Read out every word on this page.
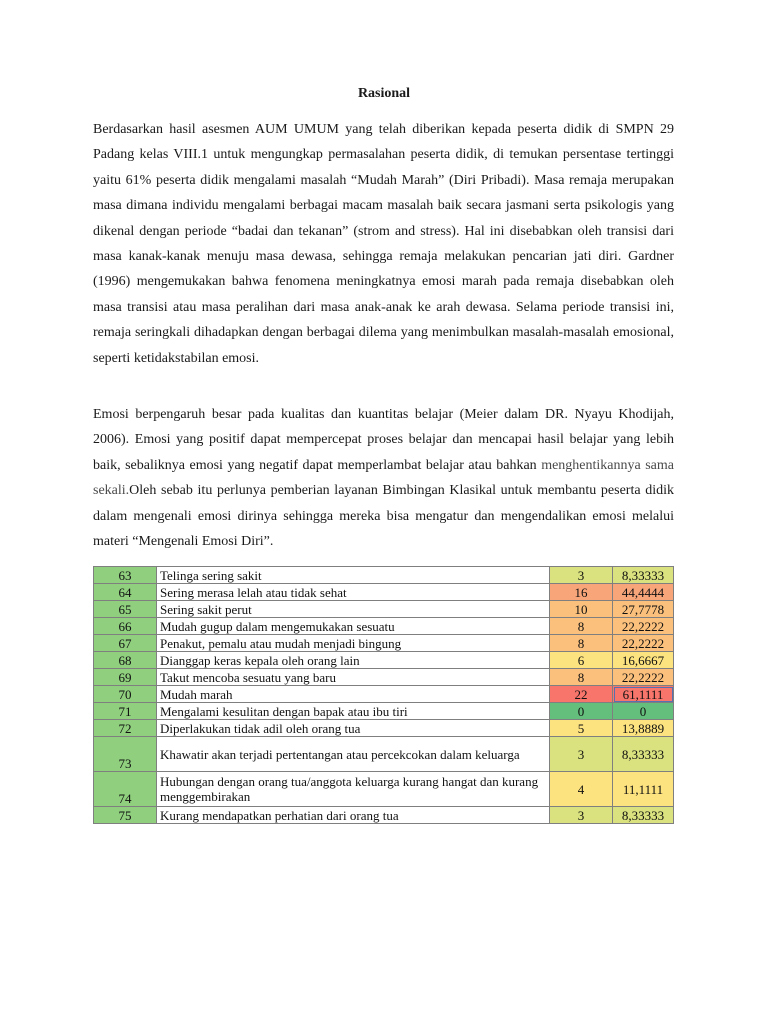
Rasional

Berdasarkan hasil asesmen AUM UMUM yang telah diberikan kepada peserta didik di SMPN 29 Padang kelas VIII.1 untuk mengungkap permasalahan peserta didik, di temukan persentase tertinggi yaitu 61% peserta didik mengalami masalah “Mudah Marah” (Diri Pribadi). Masa remaja merupakan masa dimana individu mengalami berbagai macam masalah baik secara jasmani serta psikologis yang dikenal dengan periode “badai dan tekanan” (strom and stress). Hal ini disebabkan oleh transisi dari masa kanak-kanak menuju masa dewasa, sehingga remaja melakukan pencarian jati diri. Gardner (1996) mengemukakan bahwa fenomena meningkatnya emosi marah pada remaja disebabkan oleh masa transisi atau masa peralihan dari masa anak-anak ke arah dewasa. Selama periode transisi ini, remaja seringkali dihadapkan dengan berbagai dilema yang menimbulkan masalah-masalah emosional, seperti ketidakstabilan emosi.

Emosi berpengaruh besar pada kualitas dan kuantitas belajar (Meier dalam DR. Nyayu Khodijah, 2006). Emosi yang positif dapat mempercepat proses belajar dan mencapai hasil belajar yang lebih baik, sebaliknya emosi yang negatif dapat memperlambat belajar atau bahkan menghentikannya sama sekali.Oleh sebab itu perlunya pemberian layanan Bimbingan Klasikal untuk membantu peserta didik dalam mengenali emosi dirinya sehingga mereka bisa mengatur dan mengendalikan emosi melalui materi “Mengenali Emosi Diri”.

63	Telinga sering sakit	3	8,33333
64	Sering merasa lelah atau tidak sehat	16	44,4444
65	Sering sakit perut	10	27,7778
66	Mudah gugup dalam mengemukakan sesuatu	8	22,2222
67	Penakut, pemalu atau mudah menjadi bingung	8	22,2222
68	Dianggap keras kepala oleh orang lain	6	16,6667
69	Takut mencoba sesuatu yang baru	8	22,2222
70	Mudah marah	22	61,1111
71	Mengalami kesulitan dengan bapak atau ibu tiri	0	0
72	Diperlakukan tidak adil oleh orang tua	5	13,8889
73	Khawatir akan terjadi pertentangan atau percekcokan dalam keluarga	3	8,33333
74	Hubungan dengan orang tua/anggota keluarga kurang hangat dan kurang menggembirakan	4	11,1111
75	Kurang mendapatkan perhatian dari orang tua	3	8,33333
